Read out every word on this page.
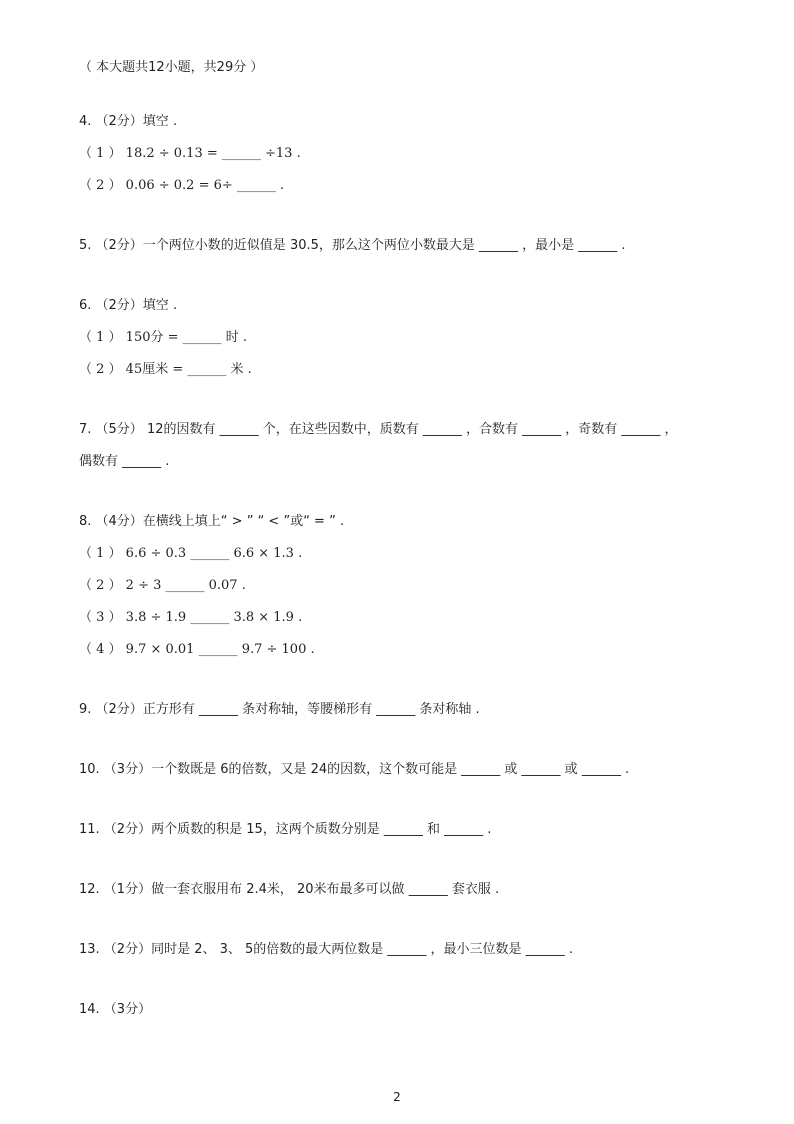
（ 本大题共12小题，共29分 ）
4. （2分）填空 .
（ 1 ） 18.2 ÷ 0.13 = ______ ÷13 .
（ 2 ） 0.06 ÷ 0.2 = 6÷ ______ .
5. （2分）一个两位小数的近似值是 30.5，那么这个两位小数最大是 ______ ，最小是 ______ .
6. （2分）填空 .
（ 1 ） 150分 = ______ 时 .
（ 2 ） 45厘米 = ______ 米 .
7. （5分） 12的因数有 ______ 个，在这些因数中，质数有 ______ ，合数有 ______ ，奇数有 ______ ，
偶数有 ______ .
8. （4分）在横线上填上“ > ” “ < ”或“ = ” .
（ 1 ） 6.6 ÷ 0.3 ______ 6.6 × 1.3 .
（ 2 ） 2 ÷ 3 ______ 0.07 .
（ 3 ） 3.8 ÷ 1.9 ______ 3.8 × 1.9 .
（ 4 ） 9.7 × 0.01 ______ 9.7 ÷ 100 .
9. （2分）正方形有 ______ 条对称轴，等腰梯形有 ______ 条对称轴 .
10. （3分）一个数既是 6的倍数，又是 24的因数，这个数可能是 ______ 或 ______ 或 ______ .
11. （2分）两个质数的积是 15，这两个质数分别是 ______ 和 ______ .
12. （1分）做一套衣服用布 2.4米， 20米布最多可以做 ______ 套衣服 .
13. （2分）同时是 2、 3、 5的倍数的最大两位数是 ______ ，最小三位数是 ______ .
14. （3分）
2
